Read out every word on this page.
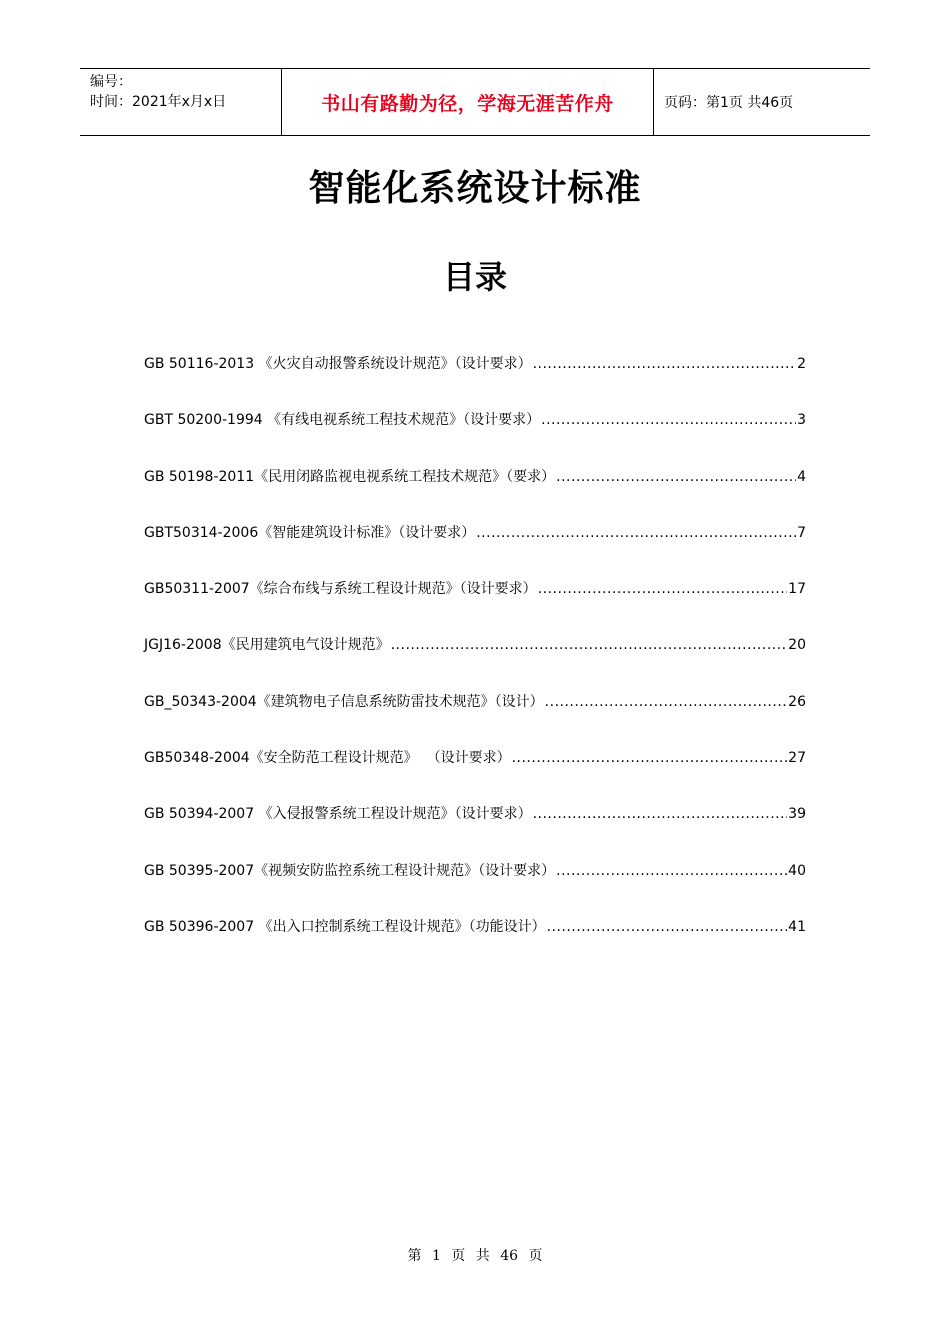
编号：
时间：2021年x月x日	书山有路勤为径，学海无涯苦作舟	页码：第1页 共46页
智能化系统设计标准
目录
GB 50116-2013 《火灾自动报警系统设计规范》（设计要求） .....	2
GBT 50200-1994 《有线电视系统工程技术规范》（设计要求） .....	3
GB 50198-2011《民用闭路监视电视系统工程技术规范》（要求） .....	4
GBT50314-2006《智能建筑设计标准》（设计要求） .....	7
GB50311-2007《综合布线与系统工程设计规范》（设计要求） .....	17
JGJ16-2008《民用建筑电气设计规范》 .....	20
GB_50343-2004《建筑物电子信息系统防雷技术规范》（设计） .....	26
GB50348-2004《安全防范工程设计规范》  （设计要求） .....	27
GB 50394-2007 《入侵报警系统工程设计规范》（设计要求） .....	39
GB 50395-2007《视频安防监控系统工程设计规范》（设计要求） .....	40
GB 50396-2007 《出入口控制系统工程设计规范》（功能设计） .....	41
第 1 页 共 46 页
